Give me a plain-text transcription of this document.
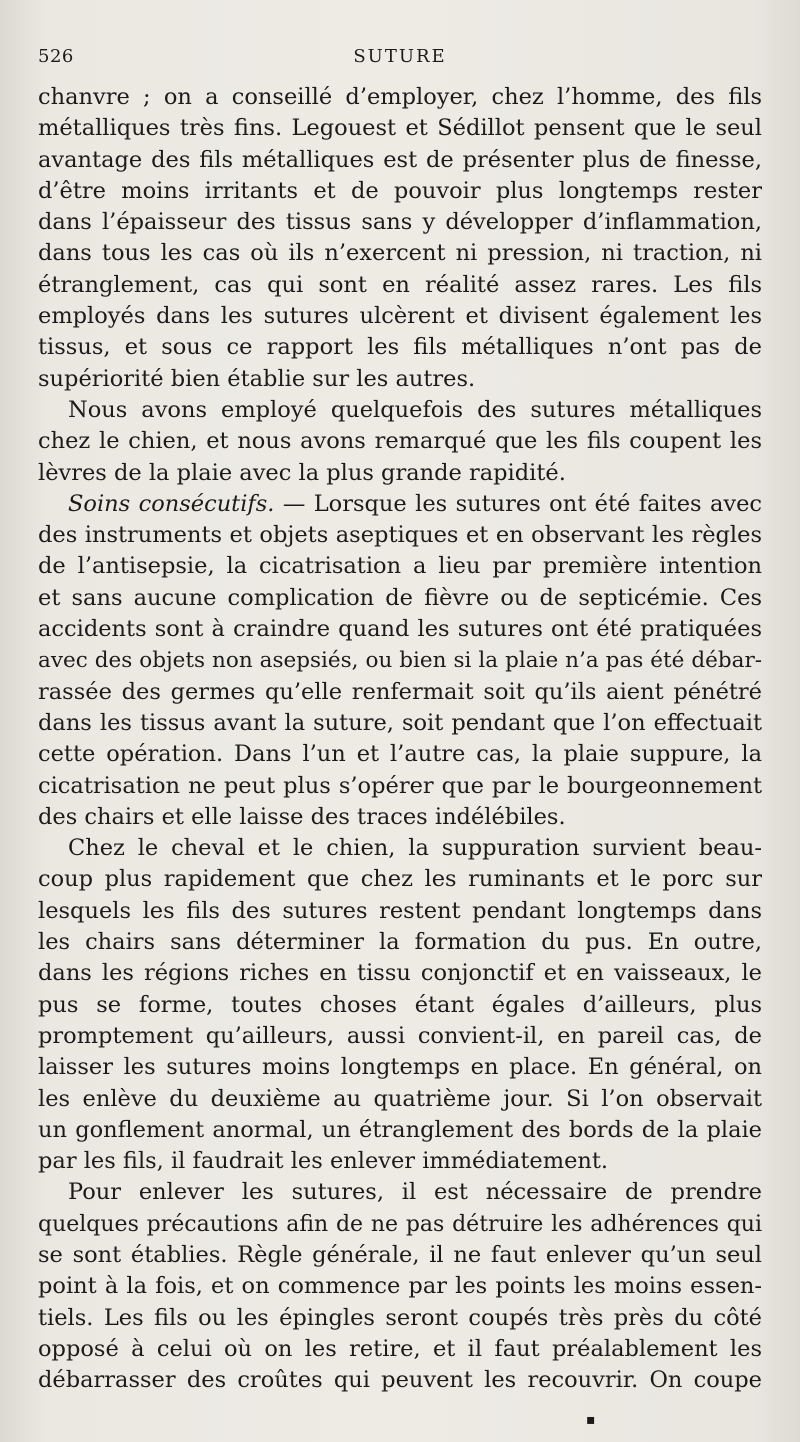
526	SUTURE
chanvre ; on a conseillé d’employer, chez l’homme, des fils
métalliques très fins. Legouest et Sédillot pensent que le seul
avantage des fils métalliques est de présenter plus de finesse,
d’être moins irritants et de pouvoir plus longtemps rester
dans l’épaisseur des tissus sans y développer d’inflammation,
dans tous les cas où ils n’exercent ni pression, ni traction, ni
étranglement, cas qui sont en réalité assez rares. Les fils
employés dans les sutures ulcèrent et divisent également les
tissus, et sous ce rapport les fils métalliques n’ont pas de
supériorité bien établie sur les autres.
Nous avons employé quelquefois des sutures métalliques
chez le chien, et nous avons remarqué que les fils coupent les
lèvres de la plaie avec la plus grande rapidité.
Soins consécutifs. — Lorsque les sutures ont été faites avec
des instruments et objets aseptiques et en observant les règles
de l’antisepsie, la cicatrisation a lieu par première intention
et sans aucune complication de fièvre ou de septicémie. Ces
accidents sont à craindre quand les sutures ont été pratiquées
avec des objets non asepsiés, ou bien si la plaie n’a pas été débar-
rassée des germes qu’elle renfermait soit qu’ils aient pénétré
dans les tissus avant la suture, soit pendant que l’on effectuait
cette opération. Dans l’un et l’autre cas, la plaie suppure, la
cicatrisation ne peut plus s’opérer que par le bourgeonnement
des chairs et elle laisse des traces indélébiles.
Chez le cheval et le chien, la suppuration survient beau-
coup plus rapidement que chez les ruminants et le porc sur
lesquels les fils des sutures restent pendant longtemps dans
les chairs sans déterminer la formation du pus. En outre,
dans les régions riches en tissu conjonctif et en vaisseaux, le
pus se forme, toutes choses étant égales d’ailleurs, plus
promptement qu’ailleurs, aussi convient-il, en pareil cas, de
laisser les sutures moins longtemps en place. En général, on
les enlève du deuxième au quatrième jour. Si l’on observait
un gonflement anormal, un étranglement des bords de la plaie
par les fils, il faudrait les enlever immédiatement.
Pour enlever les sutures, il est nécessaire de prendre
quelques précautions afin de ne pas détruire les adhérences qui
se sont établies. Règle générale, il ne faut enlever qu’un seul
point à la fois, et on commence par les points les moins essen-
tiels. Les fils ou les épingles seront coupés très près du côté
opposé à celui où on les retire, et il faut préalablement les
débarrasser des croûtes qui peuvent les recouvrir. On coupe
▪
